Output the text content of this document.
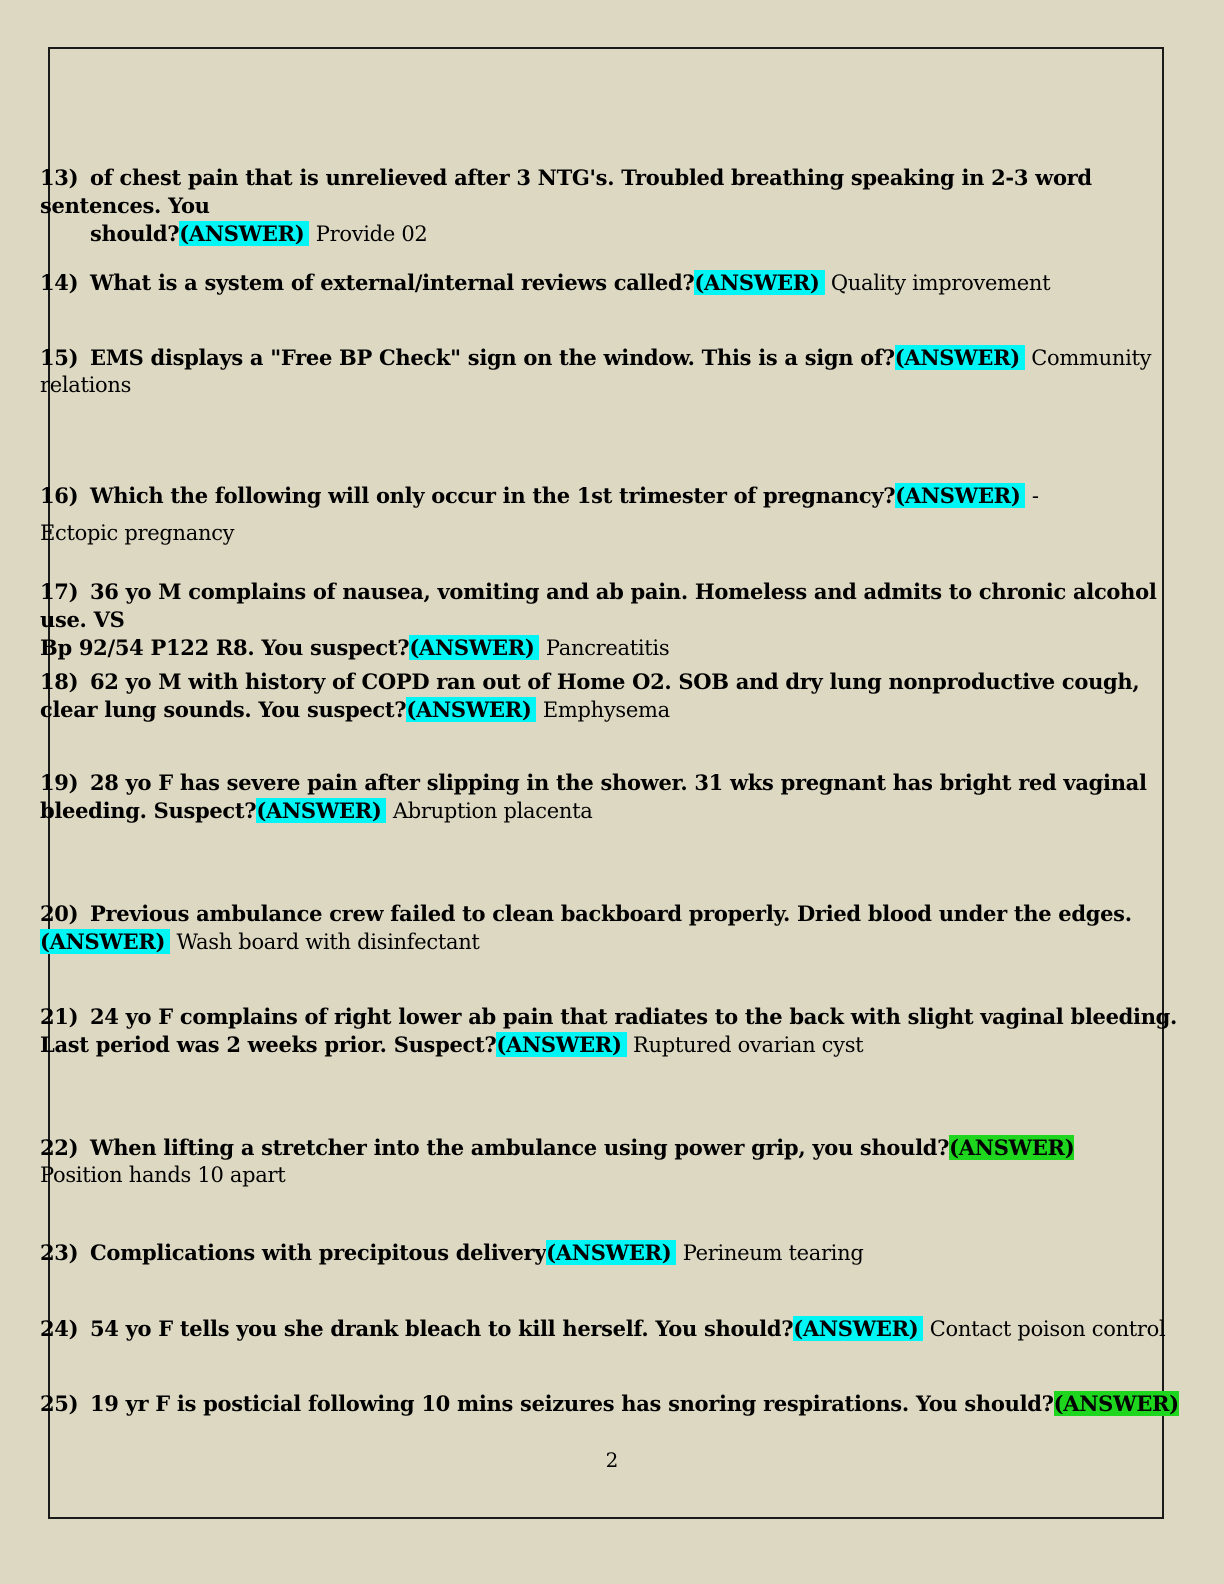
13) of chest pain that is unrelieved after 3 NTG's. Troubled breathing speaking in 2-3 word sentences. You
should?(ANSWER) Provide 02
14) What is a system of external/internal reviews called?(ANSWER) Quality improvement
15) EMS displays a "Free BP Check" sign on the window. This is a sign of?(ANSWER) Community
relations
16) Which the following will only occur in the 1st trimester of pregnancy?(ANSWER) -
Ectopic pregnancy
17) 36 yo M complains of nausea, vomiting and ab pain. Homeless and admits to chronic alcohol use. VS
Bp 92/54 P122 R8. You suspect?(ANSWER) Pancreatitis
18) 62 yo M with history of COPD ran out of Home O2. SOB and dry lung nonproductive cough,
clear lung sounds. You suspect?(ANSWER) Emphysema
19) 28 yo F has severe pain after slipping in the shower. 31 wks pregnant has bright red vaginal
bleeding. Suspect?(ANSWER) Abruption placenta
20) Previous ambulance crew failed to clean backboard properly. Dried blood under the edges.
(ANSWER) Wash board with disinfectant
21) 24 yo F complains of right lower ab pain that radiates to the back with slight vaginal bleeding.
Last period was 2 weeks prior. Suspect?(ANSWER) Ruptured ovarian cyst
22) When lifting a stretcher into the ambulance using power grip, you should?(ANSWER)
Position hands 10 apart
23) Complications with precipitous delivery(ANSWER) Perineum tearing
24) 54 yo F tells you she drank bleach to kill herself. You should?(ANSWER) Contact poison control
25) 19 yr F is posticial following 10 mins seizures has snoring respirations. You should?(ANSWER)
2
